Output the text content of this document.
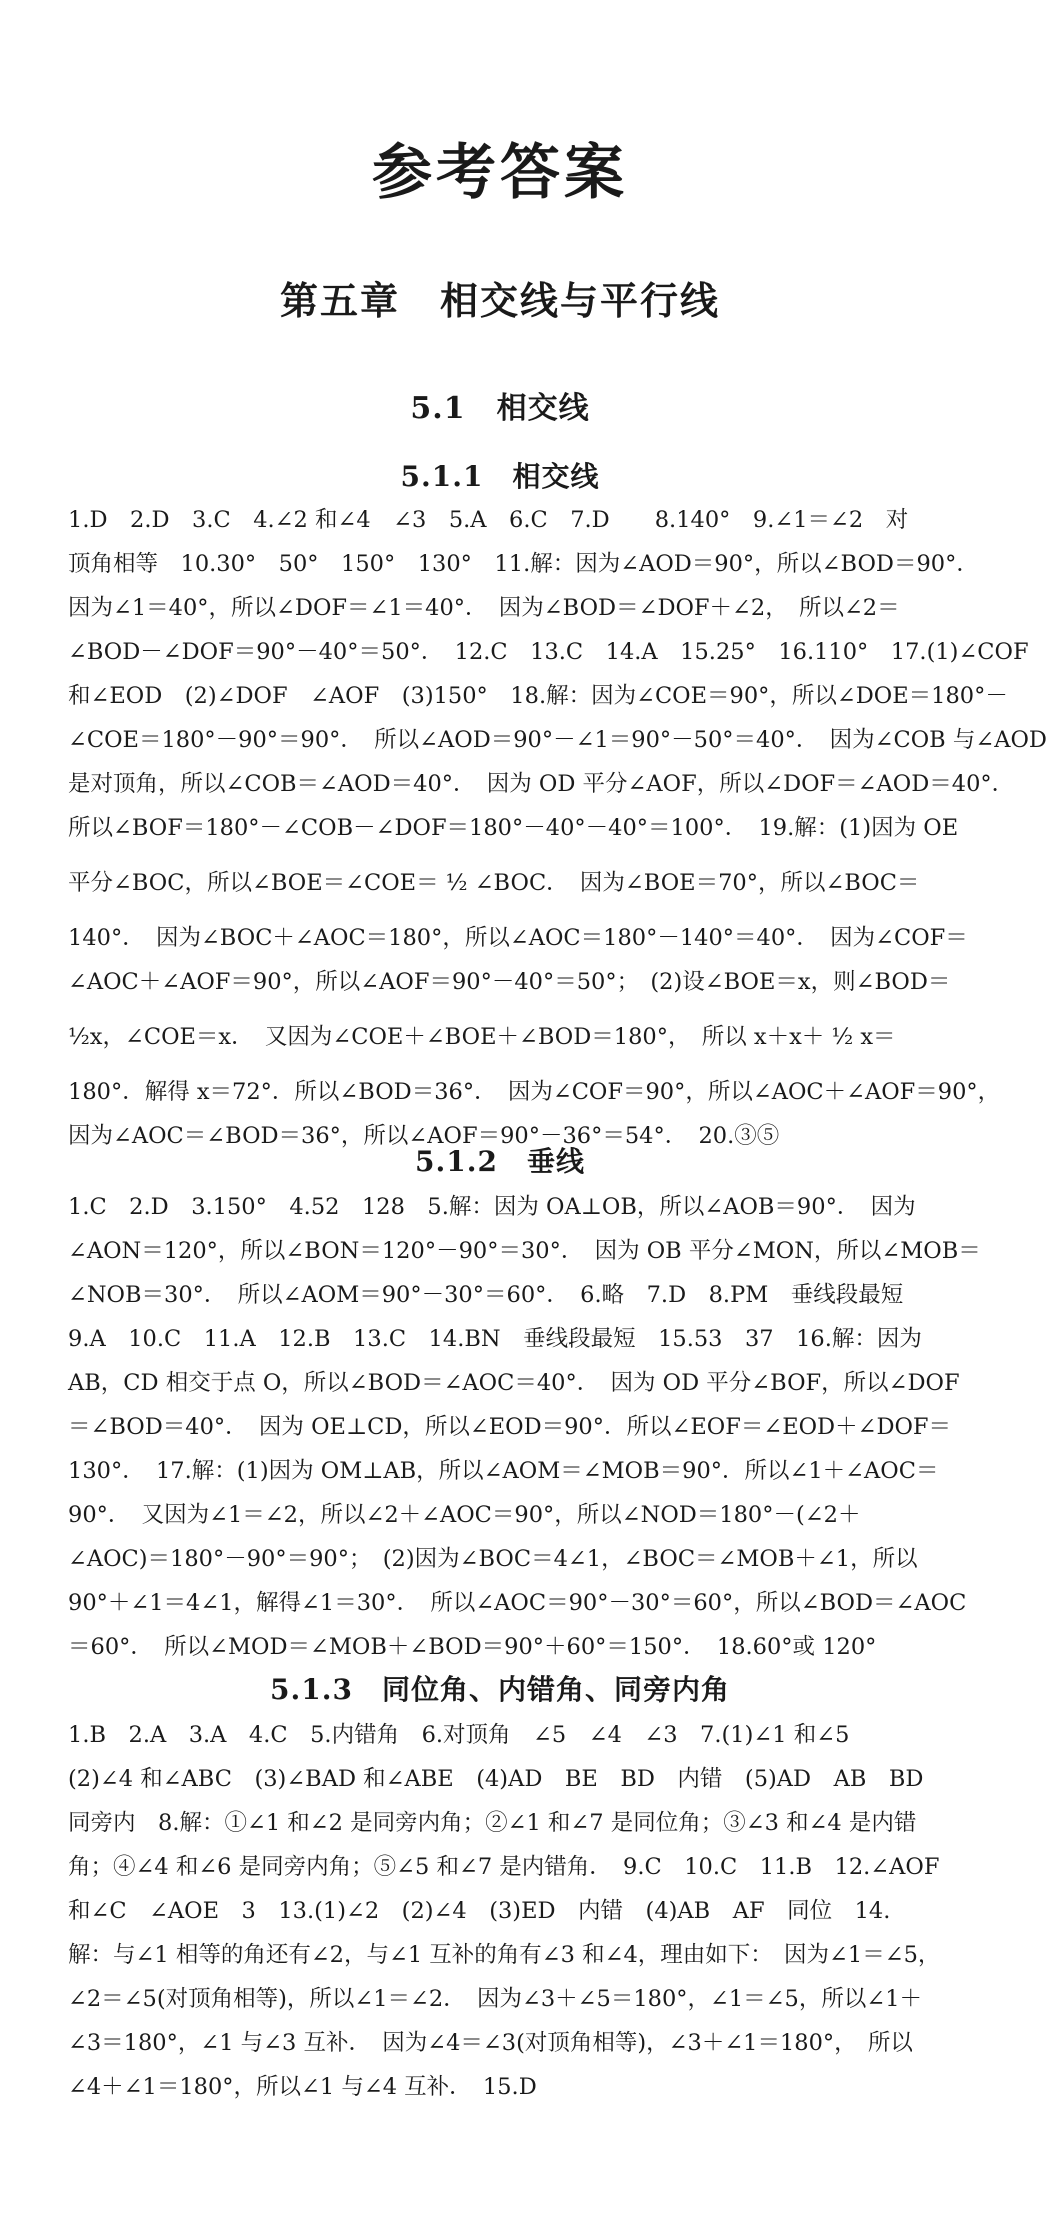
参考答案
第五章　相交线与平行线
5.1　相交线
5.1.1　相交线
1.D　2.D　3.C　4.∠2 和∠4　∠3　5.A　6.C　7.D　　8.140°　9.∠1＝∠2　对
顶角相等　10.30°　50°　150°　130°　11.解：因为∠AOD＝90°，所以∠BOD＝90°．
因为∠1＝40°，所以∠DOF＝∠1＝40°．　因为∠BOD＝∠DOF＋∠2，　所以∠2＝
∠BOD－∠DOF＝90°－40°＝50°．　12.C　13.C　14.A　15.25°　16.110°　17.(1)∠COF
和∠EOD　(2)∠DOF　∠AOF　(3)150°　18.解：因为∠COE＝90°，所以∠DOE＝180°－
∠COE＝180°－90°＝90°．　所以∠AOD＝90°－∠1＝90°－50°＝40°．　因为∠COB 与∠AOD
是对顶角，所以∠COB＝∠AOD＝40°．　因为 OD 平分∠AOF，所以∠DOF＝∠AOD＝40°．
所以∠BOF＝180°－∠COB－∠DOF＝180°－40°－40°＝100°．　19.解：(1)因为 OE
平分∠BOC，所以∠BOE＝∠COE＝ ½ ∠BOC．　因为∠BOE＝70°，所以∠BOC＝
140°．　因为∠BOC＋∠AOC＝180°，所以∠AOC＝180°－140°＝40°．　因为∠COF＝
∠AOC＋∠AOF＝90°，所以∠AOF＝90°－40°＝50°；　(2)设∠BOE＝x，则∠BOD＝
½x，∠COE＝x．　又因为∠COE＋∠BOE＋∠BOD＝180°，　所以 x＋x＋ ½ x＝
180°．解得 x＝72°．所以∠BOD＝36°．　因为∠COF＝90°，所以∠AOC＋∠AOF＝90°，
因为∠AOC＝∠BOD＝36°，所以∠AOF＝90°－36°＝54°．　20.③⑤
5.1.2　垂线
1.C　2.D　3.150°　4.52　128　5.解：因为 OA⊥OB，所以∠AOB＝90°．　因为
∠AON＝120°，所以∠BON＝120°－90°＝30°．　因为 OB 平分∠MON，所以∠MOB＝
∠NOB＝30°．　所以∠AOM＝90°－30°＝60°．　6.略　7.D　8.PM　垂线段最短
9.A　10.C　11.A　12.B　13.C　14.BN　垂线段最短　15.53　37　16.解：因为
AB，CD 相交于点 O，所以∠BOD＝∠AOC＝40°．　因为 OD 平分∠BOF，所以∠DOF
＝∠BOD＝40°．　因为 OE⊥CD，所以∠EOD＝90°．所以∠EOF＝∠EOD＋∠DOF＝
130°．　17.解：(1)因为 OM⊥AB，所以∠AOM＝∠MOB＝90°．所以∠1＋∠AOC＝
90°．　又因为∠1＝∠2，所以∠2＋∠AOC＝90°，所以∠NOD＝180°－(∠2＋
∠AOC)＝180°－90°＝90°；　(2)因为∠BOC＝4∠1，∠BOC＝∠MOB＋∠1，所以
90°＋∠1＝4∠1，解得∠1＝30°．　所以∠AOC＝90°－30°＝60°，所以∠BOD＝∠AOC
＝60°．　所以∠MOD＝∠MOB＋∠BOD＝90°＋60°＝150°．　18.60°或 120°
5.1.3　同位角、内错角、同旁内角
1.B　2.A　3.A　4.C　5.内错角　6.对顶角　∠5　∠4　∠3　7.(1)∠1 和∠5
(2)∠4 和∠ABC　(3)∠BAD 和∠ABE　(4)AD　BE　BD　内错　(5)AD　AB　BD
同旁内　8.解：①∠1 和∠2 是同旁内角；②∠1 和∠7 是同位角；③∠3 和∠4 是内错
角；④∠4 和∠6 是同旁内角；⑤∠5 和∠7 是内错角．　9.C　10.C　11.B　12.∠AOF
和∠C　∠AOE　3　13.(1)∠2　(2)∠4　(3)ED　内错　(4)AB　AF　同位　14.
解：与∠1 相等的角还有∠2，与∠1 互补的角有∠3 和∠4，理由如下：　因为∠1＝∠5，
∠2＝∠5(对顶角相等)，所以∠1＝∠2．　因为∠3＋∠5＝180°，∠1＝∠5，所以∠1＋
∠3＝180°，∠1 与∠3 互补．　因为∠4＝∠3(对顶角相等)，∠3＋∠1＝180°，　所以
∠4＋∠1＝180°，所以∠1 与∠4 互补．　15.D
